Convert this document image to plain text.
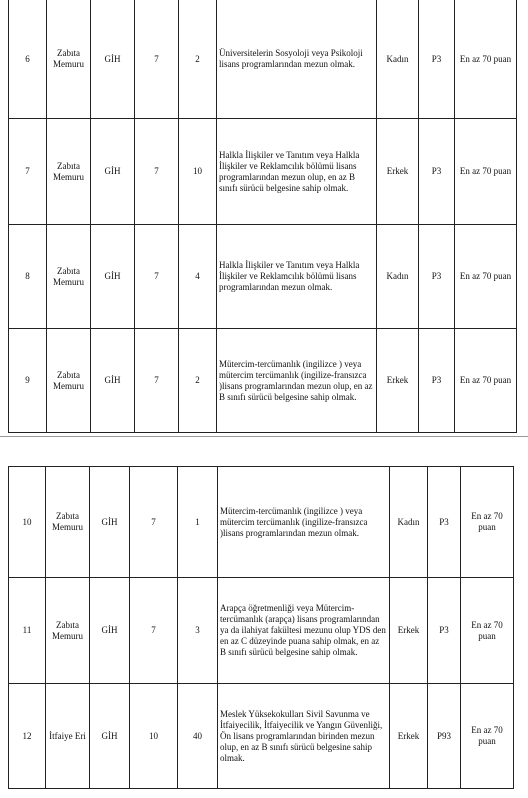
6	Zabıta Memuru	GİH	7	2	Üniversitelerin Sosyoloji veya Psikoloji lisans programlarından mezun olmak.	Kadın	P3	En az 70 puan
7	Zabıta Memuru	GİH	7	10	Halkla İlişkiler ve Tanıtım veya Halkla İlişkiler ve Reklamcılık bölümü lisans programlarından mezun olup, en az B sınıfı sürücü belgesine sahip olmak.	Erkek	P3	En az 70 puan
8	Zabıta Memuru	GİH	7	4	Halkla İlişkiler ve Tanıtım veya Halkla İlişkiler ve Reklamcılık bölümü lisans programlarından mezun olmak.	Kadın	P3	En az 70 puan
9	Zabıta Memuru	GİH	7	2	Mütercim-tercümanlık (ingilizce ) veya mütercim tercümanlık (ingilize-fransızca )lisans programlarından mezun olup, en az B sınıfı sürücü belgesine sahip olmak.	Erkek	P3	En az 70 puan
10	Zabıta Memuru	GİH	7	1	Mütercim-tercümanlık (ingilizce ) veya mütercim tercümanlık (ingilize-fransızca )lisans programlarından mezun olmak.	Kadın	P3	En az 70 puan
11	Zabıta Memuru	GİH	7	3	Arapça öğretmenliği veya Mütercim-tercümanlık (arapça) lisans programlarından ya da ilahiyat fakültesi mezunu olup YDS den en az C düzeyinde puana sahip olmak, en az B sınıfı sürücü belgesine sahip olmak.	Erkek	P3	En az 70 puan
12	İtfaiye Eri	GİH	10	40	Meslek Yüksekokulları Sivil Savunma ve İtfaiyecilik, İtfaiyecilik ve Yangın Güvenliği, Ön lisans programlarından birinden mezun olup, en az B sınıfı sürücü belgesine sahip olmak.	Erkek	P93	En az 70 puan
